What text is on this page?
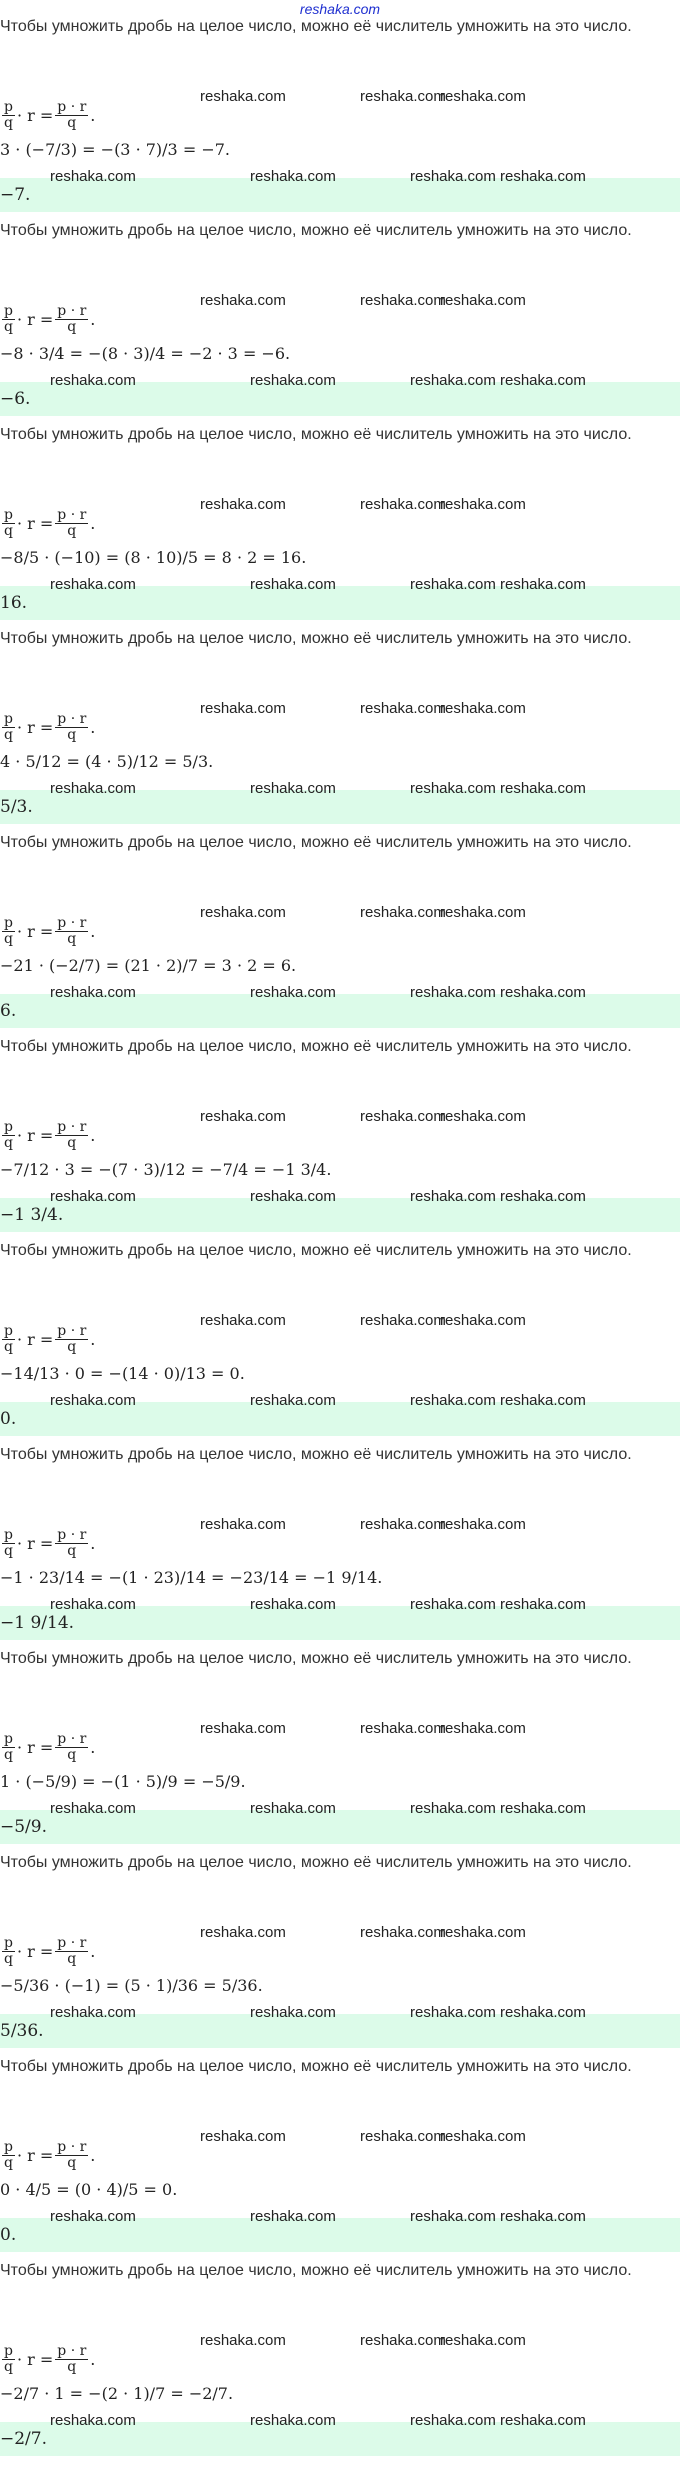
reshaka.com
Чтобы умножить дробь на целое число, можно её числитель умножить на это число.
p
$q \cdot r = \frac{p \cdot r}{q}$ .
3 · (−7/3) = −(3 · 7)/3 = −7.
−7.
reshaka.com	reshaka.com
reshaka.com
reshaka.com	reshaka.com	reshaka.com reshaka.com
Чтобы умножить дробь на целое число, можно её числитель умножить на это число.
p
$q \cdot r = \frac{p \cdot r}{q}$ .
−8 · 3/4 = −(8 · 3)/4 = −2 · 3 = −6.
−6.
reshaka.com	reshaka.com
reshaka.com
reshaka.com	reshaka.com	reshaka.com reshaka.com
Чтобы умножить дробь на целое число, можно её числитель умножить на это число.
p
$q \cdot r = \frac{p \cdot r}{q}$ .
−8/5 · (−10) = (8 · 10)/5 = 8 · 2 = 16.
16.
reshaka.com	reshaka.com
reshaka.com
reshaka.com	reshaka.com	reshaka.com reshaka.com
Чтобы умножить дробь на целое число, можно её числитель умножить на это число.
p
$q \cdot r = \frac{p \cdot r}{q}$ .
4 · 5/12 = (4 · 5)/12 = 5/3.
5/3.
reshaka.com	reshaka.com
reshaka.com
reshaka.com	reshaka.com	reshaka.com reshaka.com
Чтобы умножить дробь на целое число, можно её числитель умножить на это число.
p
$q \cdot r = \frac{p \cdot r}{q}$ .
−21 · (−2/7) = (21 · 2)/7 = 3 · 2 = 6.
6.
reshaka.com	reshaka.com
reshaka.com
reshaka.com	reshaka.com	reshaka.com reshaka.com
Чтобы умножить дробь на целое число, можно её числитель умножить на это число.
p
$q \cdot r = \frac{p \cdot r}{q}$ .
−7/12 · 3 = −(7 · 3)/12 = −7/4 = −1 3/4.
−1 3/4.
reshaka.com	reshaka.com
reshaka.com
reshaka.com	reshaka.com	reshaka.com reshaka.com
Чтобы умножить дробь на целое число, можно её числитель умножить на это число.
p
$q \cdot r = \frac{p \cdot r}{q}$ .
−14/13 · 0 = −(14 · 0)/13 = 0.
0.
reshaka.com	reshaka.com
reshaka.com
reshaka.com	reshaka.com	reshaka.com reshaka.com
Чтобы умножить дробь на целое число, можно её числитель умножить на это число.
p
$q \cdot r = \frac{p \cdot r}{q}$ .
−1 · 23/14 = −(1 · 23)/14 = −23/14 = −1 9/14.
−1 9/14.
reshaka.com	reshaka.com
reshaka.com
reshaka.com	reshaka.com	reshaka.com reshaka.com
Чтобы умножить дробь на целое число, можно её числитель умножить на это число.
p
$q \cdot r = \frac{p \cdot r}{q}$ .
1 · (−5/9) = −(1 · 5)/9 = −5/9.
−5/9.
reshaka.com	reshaka.com
reshaka.com
reshaka.com	reshaka.com	reshaka.com reshaka.com
Чтобы умножить дробь на целое число, можно её числитель умножить на это число.
p
$q \cdot r = \frac{p \cdot r}{q}$ .
−5/36 · (−1) = (5 · 1)/36 = 5/36.
5/36.
reshaka.com	reshaka.com
reshaka.com
reshaka.com	reshaka.com	reshaka.com reshaka.com
Чтобы умножить дробь на целое число, можно её числитель умножить на это число.
p
$q \cdot r = \frac{p \cdot r}{q}$ .
0 · 4/5 = (0 · 4)/5 = 0.
0.
reshaka.com	reshaka.com
reshaka.com
reshaka.com	reshaka.com	reshaka.com reshaka.com
Чтобы умножить дробь на целое число, можно её числитель умножить на это число.
p
$q \cdot r = \frac{p \cdot r}{q}$ .
−2/7 · 1 = −(2 · 1)/7 = −2/7.
−2/7.
reshaka.com	reshaka.com
reshaka.com
reshaka.com	reshaka.com	reshaka.com reshaka.com
